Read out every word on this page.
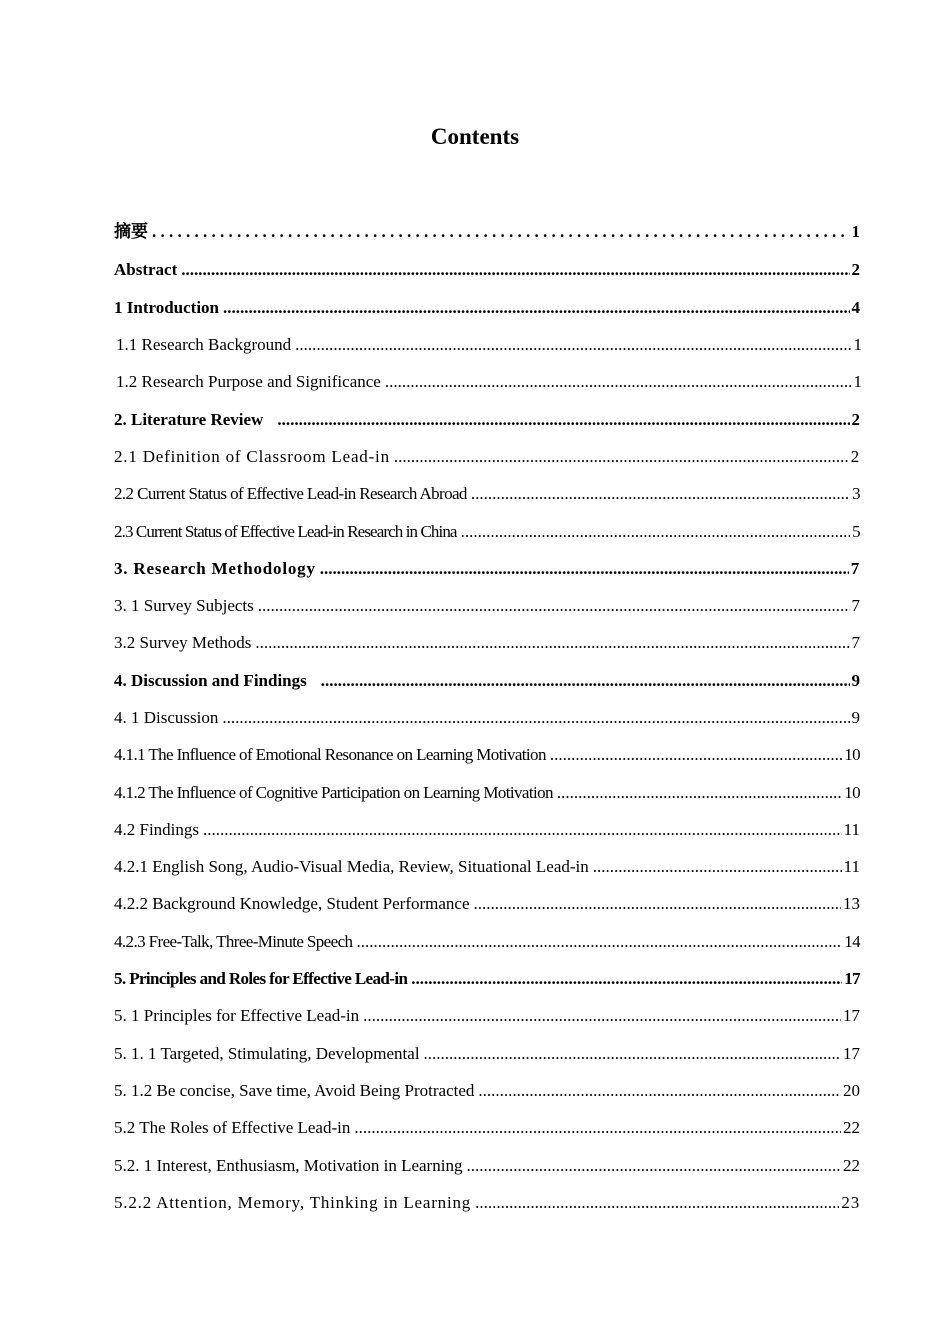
Contents
摘要 . . .	1
Abstract .....	2
1 Introduction .....	4
1.1 Research Background .....	1
1.2 Research Purpose and Significance .....	1
2. Literature Review .....	2
2.1 Definition of Classroom Lead-in .....	2
2.2 Current Status of Effective Lead-in Research Abroad .....	3
2.3 Current Status of Effective Lead-in Research in China .....	5
3. Research Methodology .....	7
3. 1 Survey Subjects .....	7
3.2 Survey Methods .....	7
4. Discussion and Findings .....	9
4. 1 Discussion .....	9
4.1.1 The Influence of Emotional Resonance on Learning Motivation .....	10
4.1.2 The Influence of Cognitive Participation on Learning Motivation .....	10
4.2 Findings .....	11
4.2.1 English Song, Audio-Visual Media, Review, Situational Lead-in .....	11
4.2.2 Background Knowledge, Student Performance .....	13
4.2.3 Free-Talk, Three-Minute Speech .....	14
5. Principles and Roles for Effective Lead-in .....	17
5. 1 Principles for Effective Lead-in .....	17
5. 1. 1 Targeted, Stimulating, Developmental .....	17
5. 1.2 Be concise, Save time, Avoid Being Protracted .....	20
5.2 The Roles of Effective Lead-in .....	22
5.2. 1 Interest, Enthusiasm, Motivation in Learning .....	22
5.2.2 Attention, Memory, Thinking in Learning .....	23
